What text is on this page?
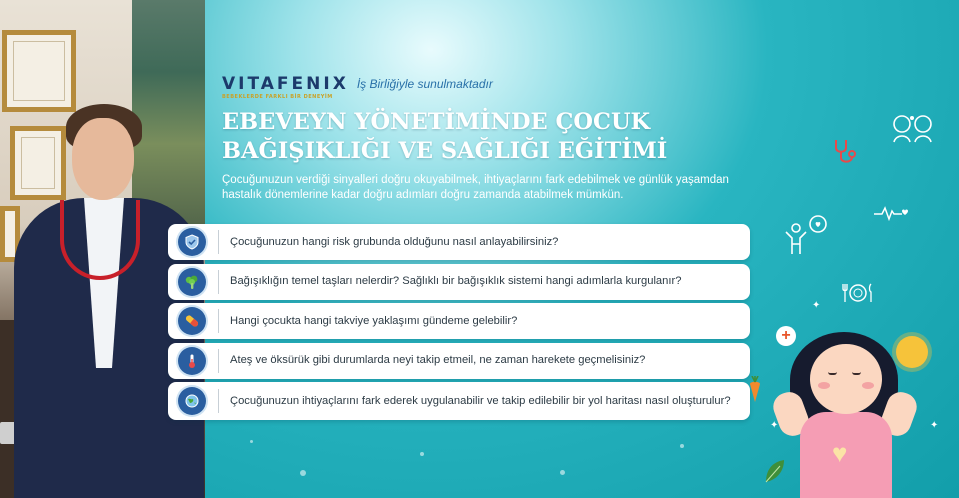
VITAFENIX
BEBEKLERDE FARKLI BİR DENEYİM
İş Birliğiyle sunulmaktadır
EBEVEYN YÖNETİMİNDE ÇOCUK
BAĞIŞIKLIĞI VE SAĞLIĞI EĞİTİMİ
Çocuğunuzun verdiği sinyalleri doğru okuyabilmek, ihtiyaçlarını fark edebilmek ve günlük yaşamdan hastalık dönemlerine kadar doğru adımları doğru zamanda atabilmek mümkün.
Çocuğunuzun hangi risk grubunda olduğunu nasıl anlayabilirsiniz?
Bağışıklığın temel taşları nelerdir? Sağlıklı bir bağışıklık sistemi hangi adımlarla kurgulanır?
Hangi çocukta hangi takviye yaklaşımı gündeme gelebilir?
Ateş ve öksürük gibi durumlarda neyi takip etmeil, ne zaman harekete geçmelisiniz?
Çocuğunuzun ihtiyaçlarını fark ederek uygulanabilir ve takip edilebilir bir yol haritası nasıl oluşturulur?
+
♥
✦
✦
✦
